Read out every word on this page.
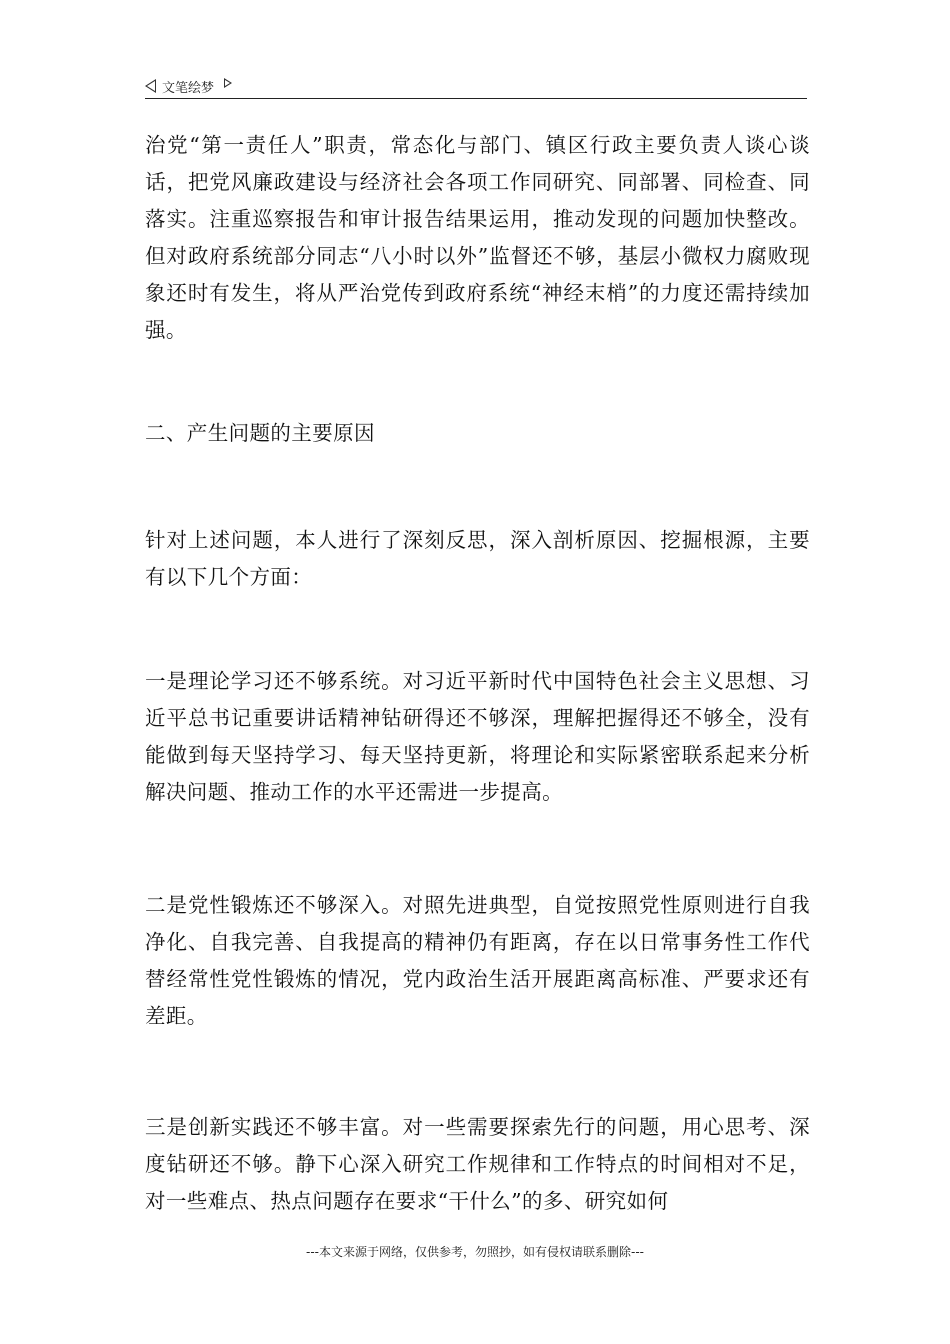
文笔绘梦

治党“第一责任人”职责，常态化与部门、镇区行政主要负责人谈心谈话，把党风廉政建设与经济社会各项工作同研究、同部署、同检查、同落实。注重巡察报告和审计报告结果运用，推动发现的问题加快整改。但对政府系统部分同志“八小时以外”监督还不够，基层小微权力腐败现象还时有发生，将从严治党传到政府系统“神经末梢”的力度还需持续加强。

二、产生问题的主要原因

针对上述问题，本人进行了深刻反思，深入剖析原因、挖掘根源，主要有以下几个方面：

一是理论学习还不够系统。对习近平新时代中国特色社会主义思想、习近平总书记重要讲话精神钻研得还不够深，理解把握得还不够全，没有能做到每天坚持学习、每天坚持更新，将理论和实际紧密联系起来分析解决问题、推动工作的水平还需进一步提高。

二是党性锻炼还不够深入。对照先进典型，自觉按照党性原则进行自我净化、自我完善、自我提高的精神仍有距离，存在以日常事务性工作代替经常性党性锻炼的情况，党内政治生活开展距离高标准、严要求还有差距。

三是创新实践还不够丰富。对一些需要探索先行的问题，用心思考、深度钻研还不够。静下心深入研究工作规律和工作特点的时间相对不足，对一些难点、热点问题存在要求“干什么”的多、研究如何

---本文来源于网络，仅供参考，勿照抄，如有侵权请联系删除---
